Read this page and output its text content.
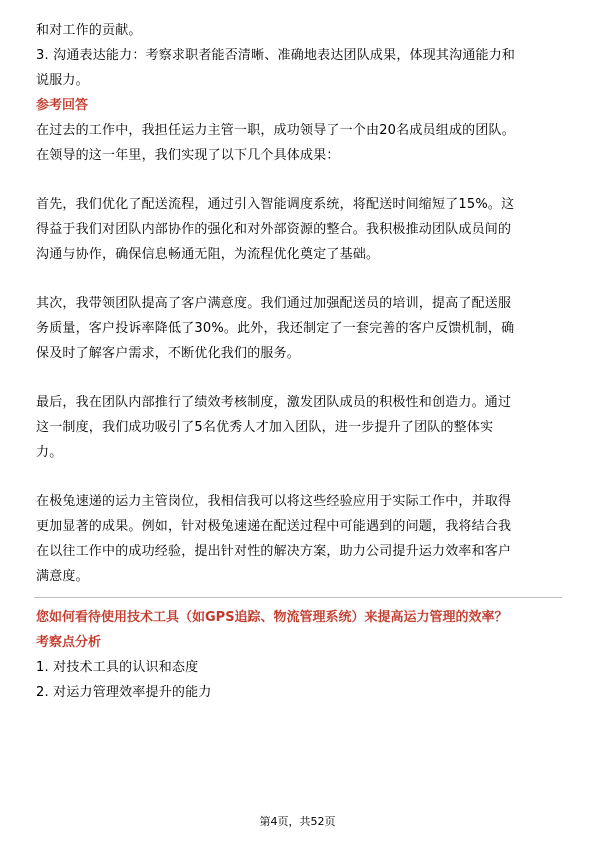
和对工作的贡献。

3. 沟通表达能力：考察求职者能否清晰、准确地表达团队成果，体现其沟通能力和

说服力。

参考回答

在过去的工作中，我担任运力主管一职，成功领导了一个由20名成员组成的团队。

在领导的这一年里，我们实现了以下几个具体成果：

首先，我们优化了配送流程，通过引入智能调度系统，将配送时间缩短了15%。这

得益于我们对团队内部协作的强化和对外部资源的整合。我积极推动团队成员间的

沟通与协作，确保信息畅通无阻，为流程优化奠定了基础。

其次，我带领团队提高了客户满意度。我们通过加强配送员的培训，提高了配送服

务质量，客户投诉率降低了30%。此外，我还制定了一套完善的客户反馈机制，确

保及时了解客户需求，不断优化我们的服务。

最后，我在团队内部推行了绩效考核制度，激发团队成员的积极性和创造力。通过

这一制度，我们成功吸引了5名优秀人才加入团队，进一步提升了团队的整体实

力。

在极兔速递的运力主管岗位，我相信我可以将这些经验应用于实际工作中，并取得

更加显著的成果。例如，针对极兔速递在配送过程中可能遇到的问题，我将结合我

在以往工作中的成功经验，提出针对性的解决方案，助力公司提升运力效率和客户

满意度。

您如何看待使用技术工具（如GPS追踪、物流管理系统）来提高运力管理的效率？
考察点分析

1. 对技术工具的认识和态度

2. 对运力管理效率提升的能力

第4页，共52页
